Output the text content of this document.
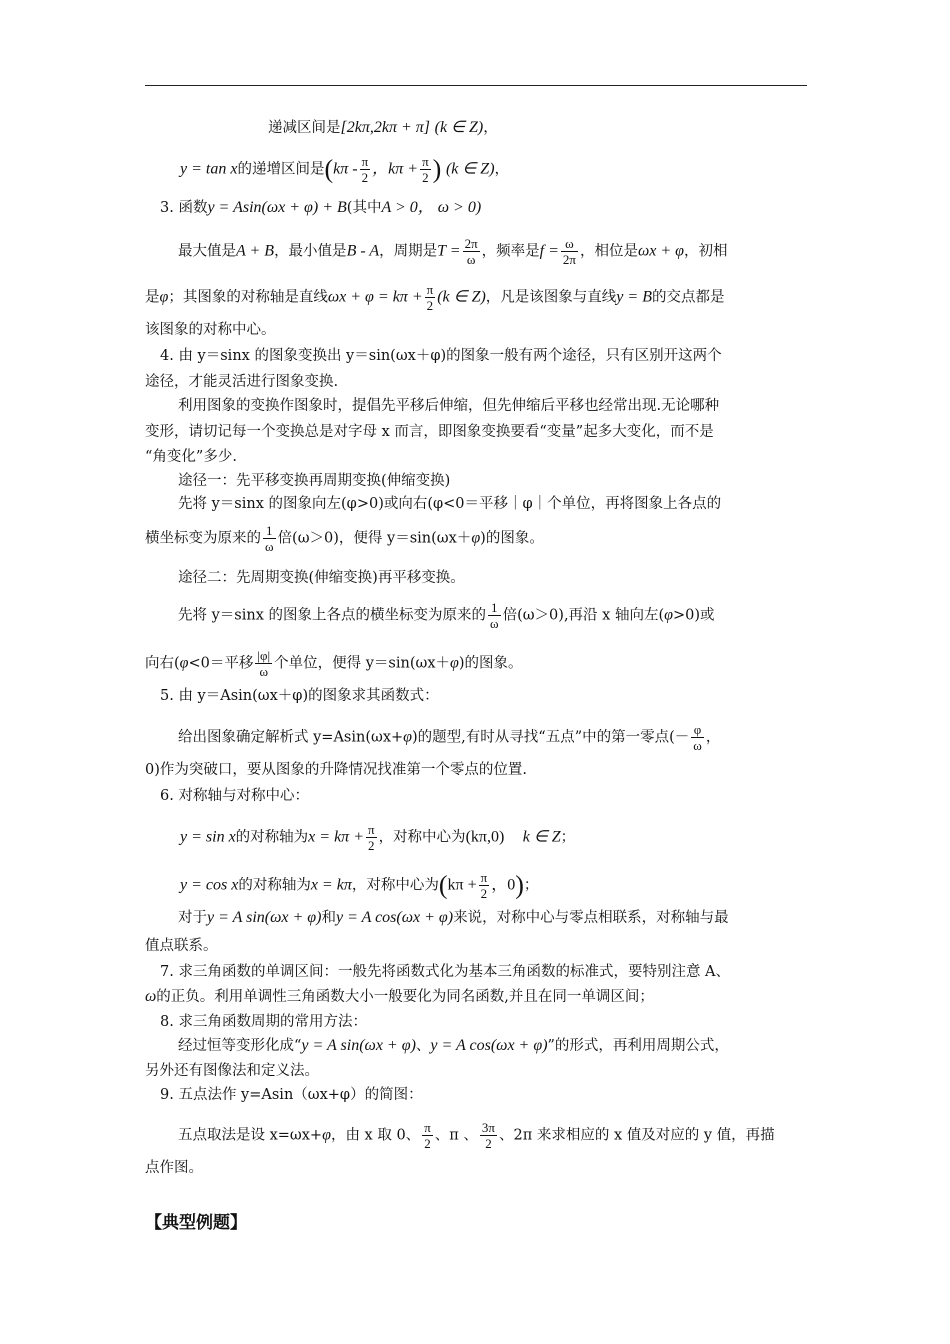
递减区间是[2kπ,2kπ + π] (k ∈ Z)，
y = tan x的递增区间是($k\pi - \frac{\pi}{2}$ ，$k\pi + \frac{\pi}{2}$ ) (k ∈ Z)，
3. 函数y = Asin(ωx + φ) + B(其中A > 0， ω > 0)
最大值是A + B，最小值是B - A，周期是$T = \frac{2\pi}{\omega}$ ，频率是$f = \frac{\omega}{2\pi}$ ，相位是ωx + φ，初相
是φ；其图象的对称轴是直线$\omega x + \varphi = k\pi + \frac{\pi}{2} (k$ ∈ Z)，凡是该图象与直线y = B的交点都是
该图象的对称中心。
4. 由 y＝sinx 的图象变换出 y＝sin(ωx＋φ)的图象一般有两个途径，只有区别开这两个
途径，才能灵活进行图象变换.
利用图象的变换作图象时，提倡先平移后伸缩，但先伸缩后平移也经常出现.无论哪种
变形，请切记每一个变换总是对字母 x 而言，即图象变换要看“变量”起多大变化，而不是
“角变化”多少.
途径一：先平移变换再周期变换(伸缩变换)
先将 y＝sinx 的图象向左(φ>0)或向右(φ<0＝平移｜φ｜个单位，再将图象上各点的
横坐标变为原来的 $\frac{1}{\omega}$ 倍(ω＞0)，便得 y＝sin(ωx＋φ)的图象。
途径二：先周期变换(伸缩变换)再平移变换。
先将 y＝sinx 的图象上各点的横坐标变为原来的 $\frac{1}{\omega}$ 倍(ω＞0),再沿 x 轴向左(φ>0)或
向右(φ<0＝平移 $\frac{|\varphi|}{\omega}$ 个单位，便得 y＝sin(ωx＋φ)的图象。
5. 由 y＝Asin(ωx＋φ)的图象求其函数式：
给出图象确定解析式 y=Asin(ωx+φ)的题型,有时从寻找“五点”中的第一零点(－ $\frac{\varphi}{\omega}$ ，
0)作为突破口，要从图象的升降情况找准第一个零点的位置.
6. 对称轴与对称中心：
y = sin x的对称轴为$x = k\pi + \frac{\pi}{2}$ ，对称中心为(kπ,0) k ∈ Z；
y = cos x的对称轴为x = kπ，对称中心为($k\pi + \frac{\pi}{2}$ ，0)；
对于y = A sin(ωx + φ)和y = A cos(ωx + φ)来说，对称中心与零点相联系，对称轴与最
值点联系。
7. 求三角函数的单调区间：一般先将函数式化为基本三角函数的标准式，要特别注意 A、
ω的正负。利用单调性三角函数大小一般要化为同名函数,并且在同一单调区间；
8. 求三角函数周期的常用方法：
经过恒等变形化成“y = A sin(ωx + φ)、y = A cos(ωx + φ)”的形式，再利用周期公式，
另外还有图像法和定义法。
9. 五点法作 y=Asin（ωx+φ）的简图：
五点取法是设 x=ωx+φ，由 x 取 0、 $\frac{\pi}{2}$ 、π 、 $\frac{3\pi}{2}$ 、2π 来求相应的 x 值及对应的 y 值，再描
点作图。
【典型例题】
